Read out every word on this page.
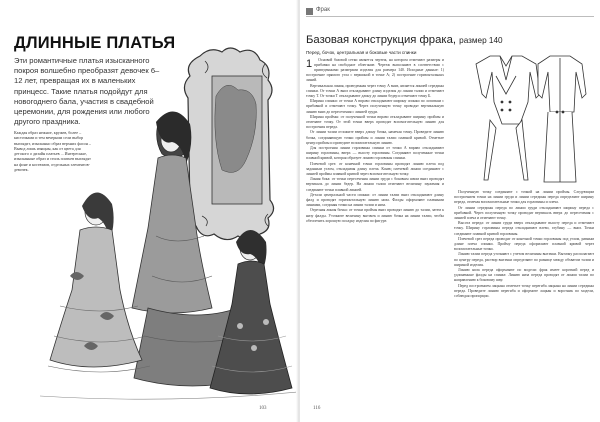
ДЛИННЫЕ ПЛАТЬЯ
Эти романтичные платья изысканного покроя волшебно преобразят девочек 6–12 лет, превращая их в маленьких принцесс. Такие платья подойдут для новогоднего бала, участия в свадебной церемонии, для рождения или любого другого праздника.
Каждая образ нежное, кружев, более – кисточками и тем вечерним сели выбор выглядит, изысканно образ верхних фасон – Вывод лишь изящны, как от цвета для детского о дизайн платьев ... Интересные, изысканные образ и стиль платьев выглядят на фоне и костюмов, отдельных элементов-девочек.
103
Фрак
Базовая конструкция фрака, размер 140
Перед, бочок, центральная и боковые части спинки
1	Основой базовой сетки является чертеж, на котором отмечают размеры и прибавки на свободное облегание. Чертеж выполняют в соответствии с приведенными размерами изделия для размера 140. Исходные данные: 1) построение прямого угла с вершиной в точке А; 2) построение горизонтальных линий.

Вертикальная линия, проведенная через точку А вниз, является линией середины спинки. От точки А вниз откладывают длину изделия до линии талии и отмечают точку Т. От точки Т откладывают длину до линии бедер и отмечают точку Б.

Ширина спинки: от точки А вправо откладывают ширину спинки по лопаткам с прибавкой и отмечают точку. Через полученную точку проводят вертикальную линию вниз до пересечения с линией груди.

Ширина проймы: от полученной точки вправо откладывают ширину проймы и отмечают точку. От этой точки вверх проводят вспомогательную линию для построения переда.

От линии талии отложите вверх длину бочка, намечая точку. Проведите линию бочка, соединяющую точки проймы и линии талии плавной кривой. Отметьте центр проймы и проведите вспомогательную линию.

Для построения линии горловины спинки от точки А вправо откладывают ширину горловины, вверх — высоту горловины. Соединяют полученные точки плавной кривой, которая образует линию горловины спинки.

Плечевой срез: от конечной точки горловины проводят линию плеча под заданным углом, откладывая длину плеча. Конец плечевой линии соединяют с линией проймы плавной кривой через вспомогательную точку.

Линия бока: от точки пересечения линии груди с боковым швом вниз проводят вертикаль до линии бедер. На линии талии отмечают величину заужения и соединяют точки плавной линией.

Детали центральной части спинки: от линии талии вниз откладывают длину фалд и проводят горизонтальную линию низа. Фалды оформляют плавными линиями, соединяя точки на линии талии и низа.

Отрезная линия бочка: от точки проймы вниз проводят линию до талии, затем к низу фалды. Уточните величину вытачек и линию бочка на линии талии, чтобы обеспечить хорошую посадку изделия по фигуре.

Полученную точку соединяют с точкой на линии проймы. Следующим построением точки на линии груди и линии середины переда определяют ширину переда, отмечая вспомогательные точки для горловины и плеча.

От линии середины переда по линии груди откладывают ширину переда с прибавкой. Через полученную точку проводят вертикаль вверх до пересечения с линией плеча и отмечают точку.

Высота переда: от линии груди вверх откладывают высоту переда и отмечают точку. Ширину горловины переда откладывают влево, глубину — вниз. Точки соединяют плавной кривой горловины.

Плечевой срез переда проводят от конечной точки горловины под углом, равным длине плеча спинки. Пройму переда оформляют плавной кривой через вспомогательные точки.

Линию талии переда уточняют с учетом величины вытачки. Вытачку располагают по центру переда, раствор вытачки определяют по разнице между обхватом талии и шириной изделия.

Линию низа переда оформляют по модели: фрак имеет короткий перед и удлиненные фалды на спинке. Линию низа переда проводят от линии талии по направлению к боковому шву.

Перед построением лацкана отметьте точку перегиба лацкана на линии середины переда. Проведите линию перегиба и оформите лацкан и воротник по модели, соблюдая пропорции.

116
